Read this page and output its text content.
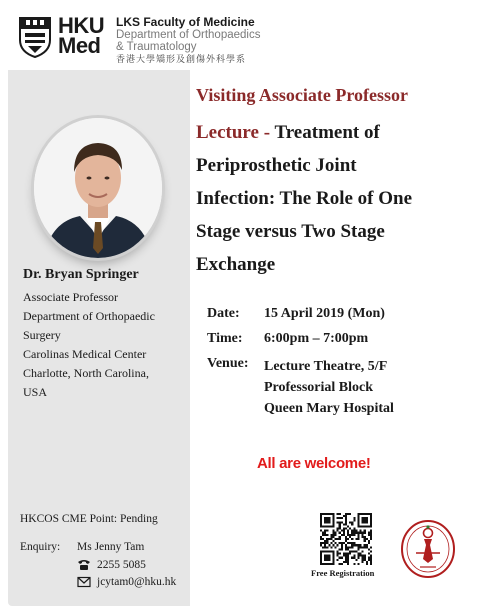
HKU
Med
LKS Faculty of Medicine
Department of Orthopaedics
& Traumatology
香港大學矯形及創傷外科學系
Dr. Bryan Springer
Associate Professor
Department of Orthopaedic
Surgery
Carolinas Medical Center
Charlotte, North Carolina,
USA
Visiting Associate Professor
Lecture - Treatment of
Periprosthetic Joint
Infection: The Role of One
Stage versus Two Stage
Exchange
Date:	15 April 2019 (Mon)
Time:	6:00pm – 7:00pm
Venue:	Lecture Theatre, 5/F
Professorial Block
Queen Mary Hospital
All are welcome!
HKCOS CME Point: Pending
Enquiry: Ms Jenny Tam
2255 5085
jcytam0@hku.hk
Free Registration
